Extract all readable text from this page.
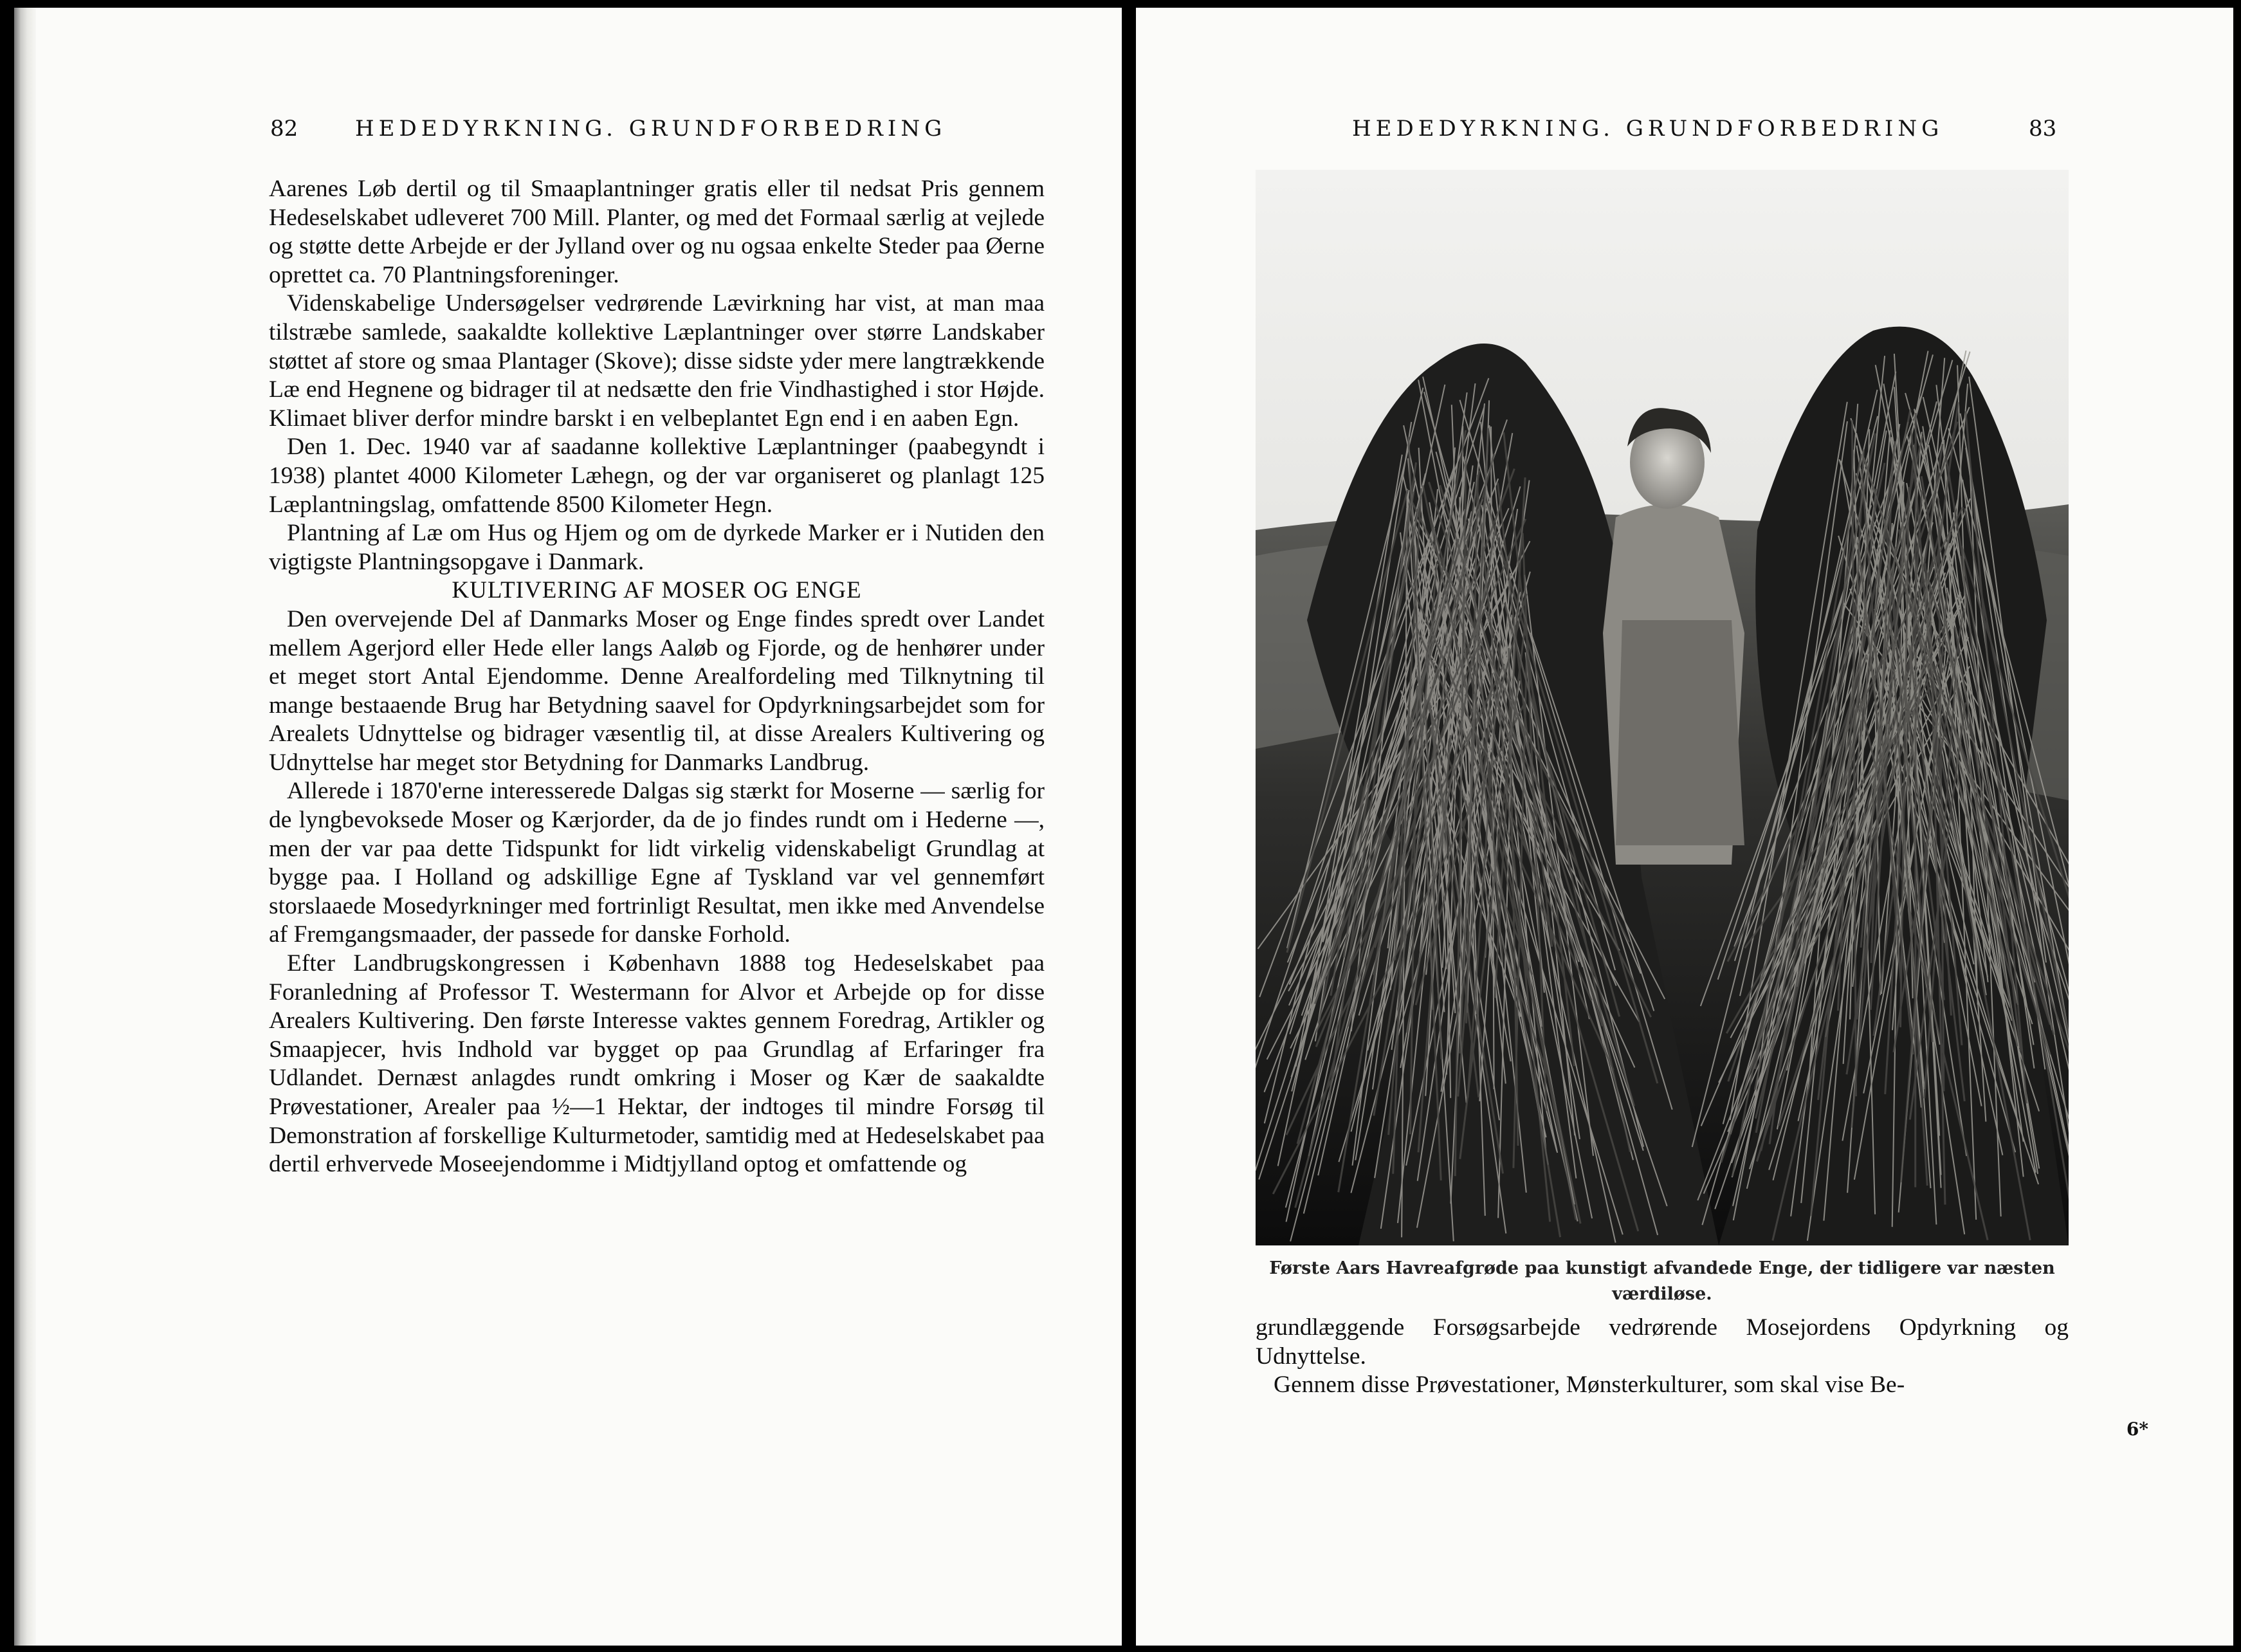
82	HEDEDYRKNING. GRUNDFORBEDRING

Aarenes Løb dertil og til Smaaplantninger gratis eller til nedsat Pris gennem Hedeselskabet udleveret 700 Mill. Planter, og med det Formaal særlig at vejlede og støtte dette Arbejde er der Jylland over og nu ogsaa enkelte Steder paa Øerne oprettet ca. 70 Plantningsforeninger.

Videnskabelige Undersøgelser vedrørende Lævirkning har vist, at man maa tilstræbe samlede, saakaldte kollektive Læplantninger over større Landskaber støttet af store og smaa Plantager (Skove); disse sidste yder mere langtrækkende Læ end Hegnene og bidrager til at nedsætte den frie Vindhastighed i stor Højde. Klimaet bliver derfor mindre barskt i en velbeplantet Egn end i en aaben Egn.

Den 1. Dec. 1940 var af saadanne kollektive Læplantninger (paabegyndt i 1938) plantet 4000 Kilometer Læhegn, og der var organiseret og planlagt 125 Læplantningslag, omfattende 8500 Kilometer Hegn.

Plantning af Læ om Hus og Hjem og om de dyrkede Marker er i Nutiden den vigtigste Plantningsopgave i Danmark.

KULTIVERING AF MOSER OG ENGE

Den overvejende Del af Danmarks Moser og Enge findes spredt over Landet mellem Agerjord eller Hede eller langs Aaløb og Fjorde, og de henhører under et meget stort Antal Ejendomme. Denne Arealfordeling med Tilknytning til mange bestaaende Brug har Betydning saavel for Opdyrkningsarbejdet som for Arealets Udnyttelse og bidrager væsentlig til, at disse Arealers Kultivering og Udnyttelse har meget stor Betydning for Danmarks Landbrug.

Allerede i 1870'erne interesserede Dalgas sig stærkt for Moserne — særlig for de lyngbevoksede Moser og Kærjorder, da de jo findes rundt om i Hederne —, men der var paa dette Tidspunkt for lidt virkelig videnskabeligt Grundlag at bygge paa. I Holland og adskillige Egne af Tyskland var vel gennemført storslaaede Mosedyrkninger med fortrinligt Resultat, men ikke med Anvendelse af Fremgangsmaader, der passede for danske Forhold.

Efter Landbrugskongressen i København 1888 tog Hedeselskabet paa Foranledning af Professor T. Westermann for Alvor et Arbejde op for disse Arealers Kultivering. Den første Interesse vaktes gennem Foredrag, Artikler og Smaapjecer, hvis Indhold var bygget op paa Grundlag af Erfaringer fra Udlandet. Dernæst anlagdes rundt omkring i Moser og Kær de saakaldte Prøvestationer, Arealer paa ½—1 Hektar, der indtoges til mindre Forsøg til Demonstration af forskellige Kulturmetoder, samtidig med at Hedeselskabet paa dertil erhvervede Moseejendomme i Midtjylland optog et omfattende og

HEDEDYRKNING. GRUNDFORBEDRING	83
Første Aars Havreafgrøde paa kunstigt afvandede Enge, der tidligere var næsten værdiløse.

grundlæggende Forsøgsarbejde vedrørende Mosejordens Opdyrkning og Udnyttelse.

Gennem disse Prøvestationer, Mønsterkulturer, som skal vise Be-

6*
